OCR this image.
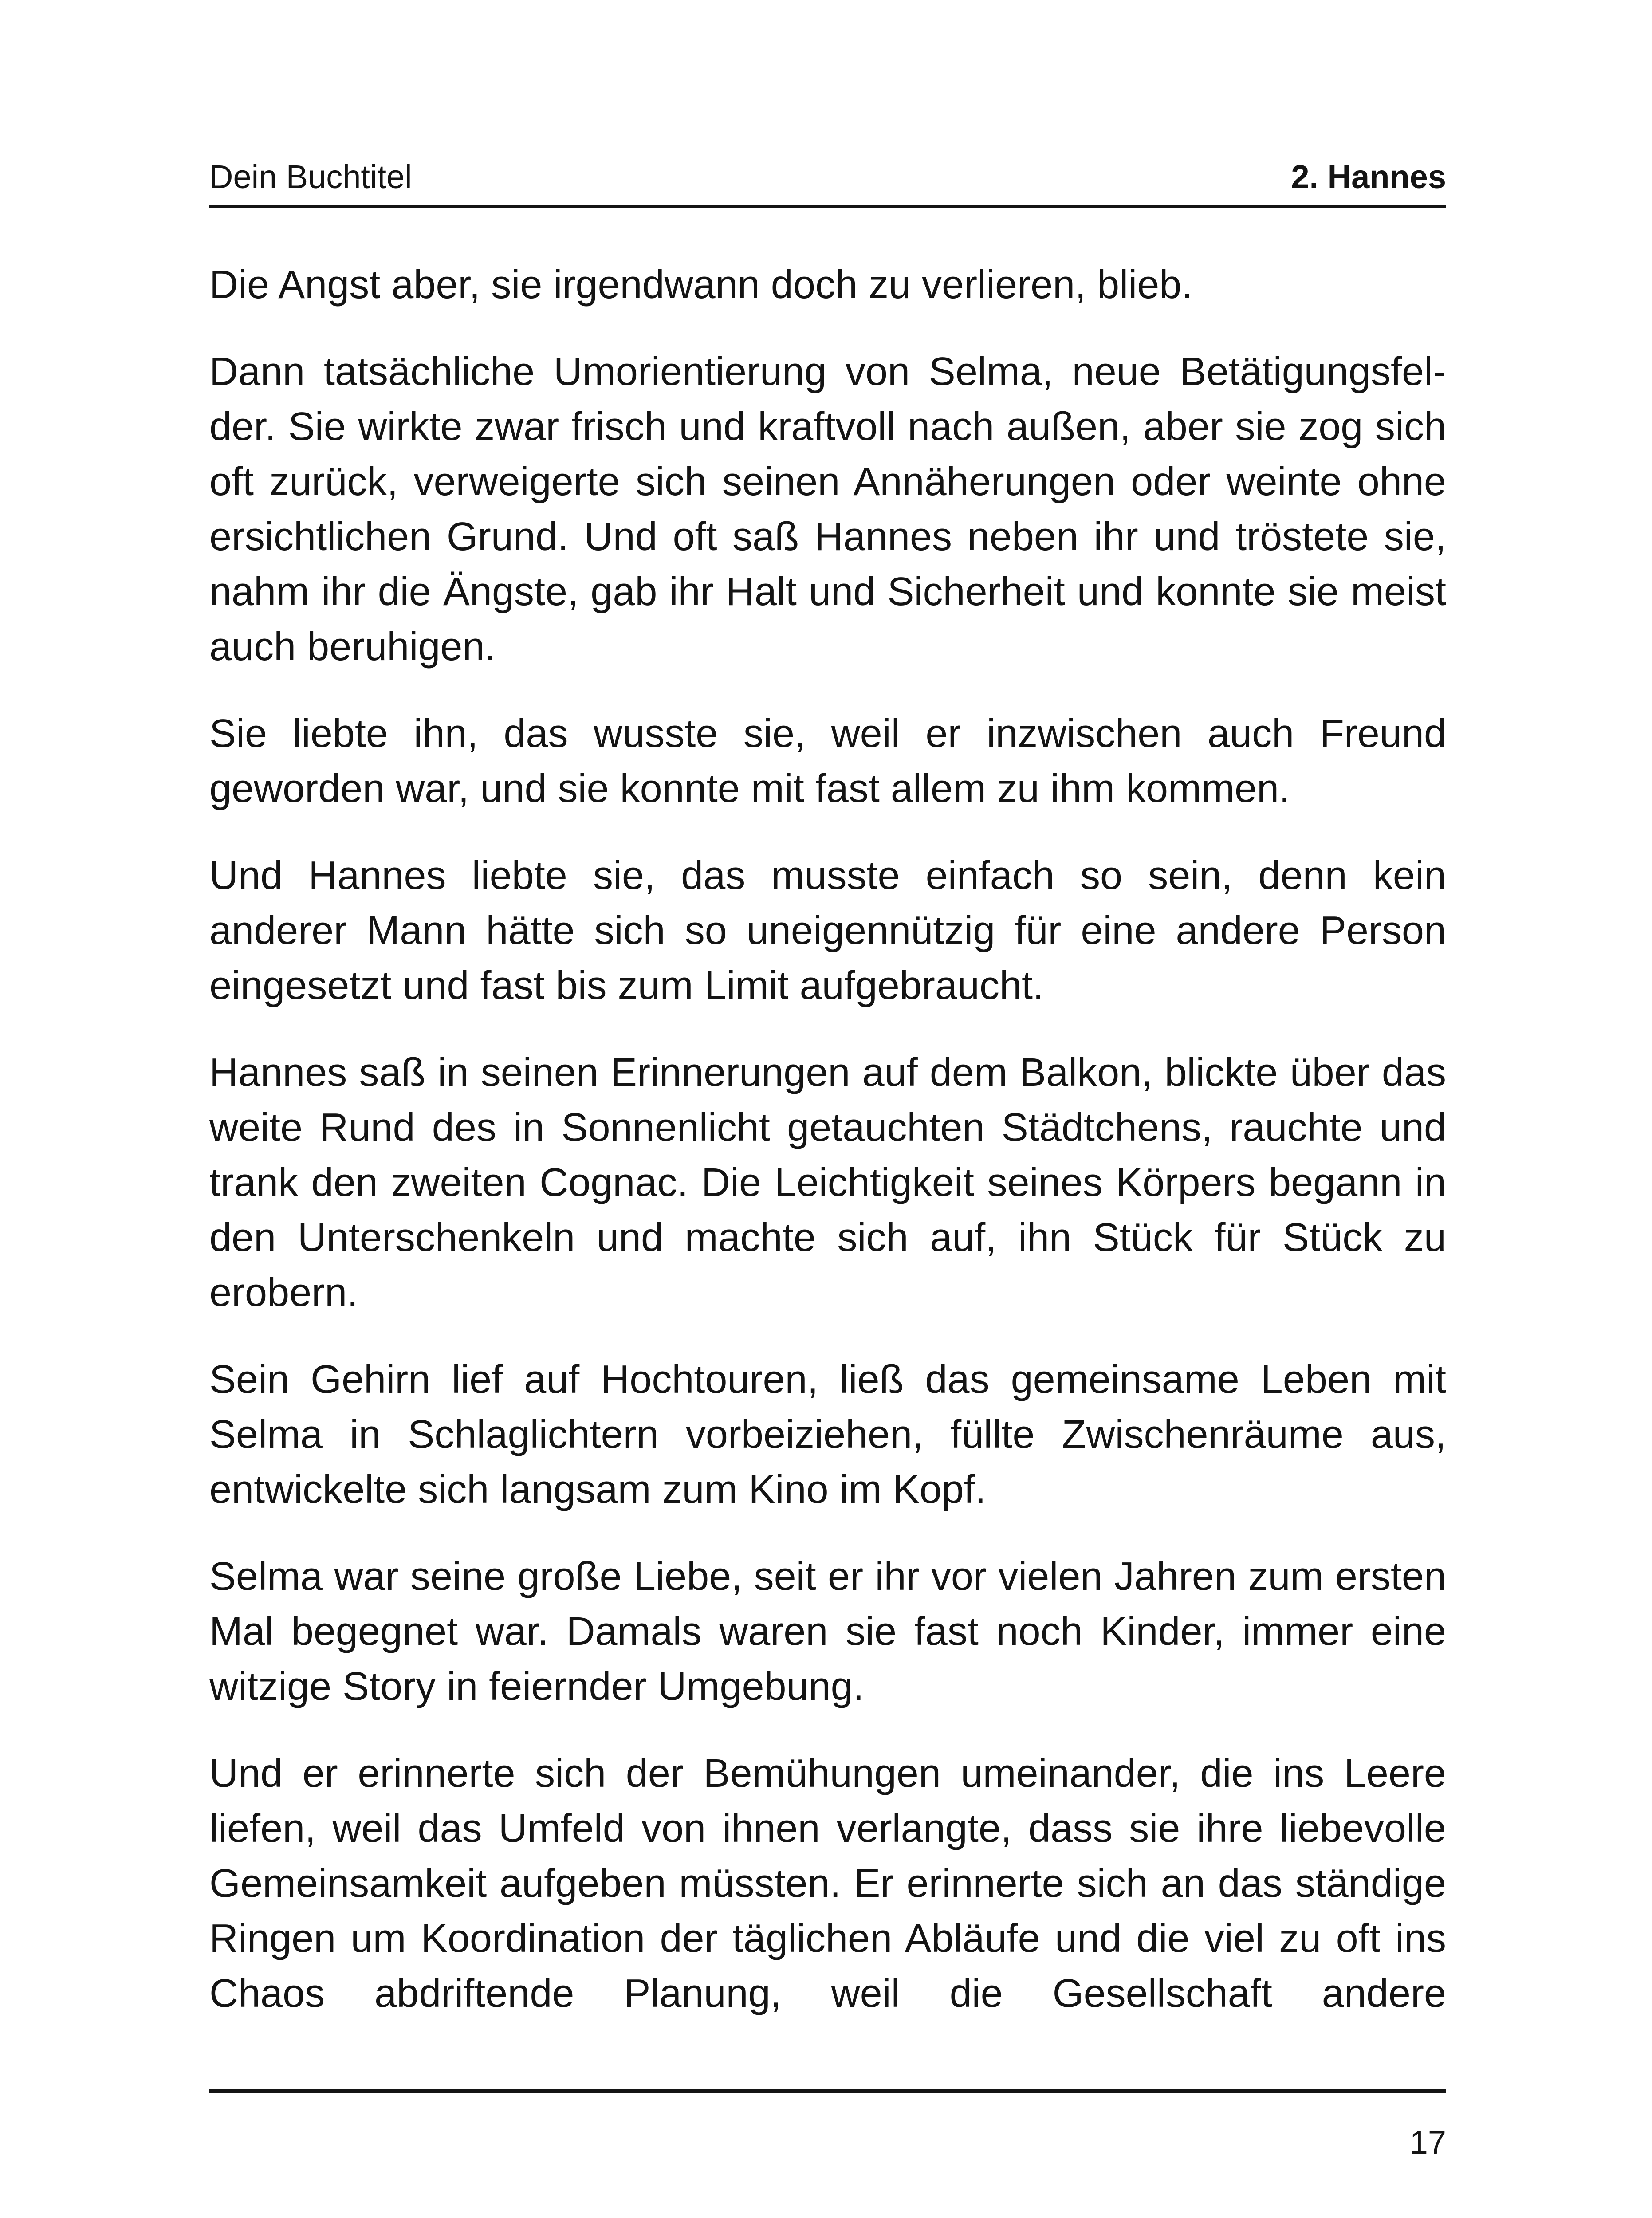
Dein Buchtitel	2. Hannes

Die Angst aber, sie irgendwann doch zu verlieren, blieb.

Dann tatsächliche Umorientierung von Selma, neue Betätigungsfelder. Sie wirkte zwar frisch und kraftvoll nach außen, aber sie zog sich oft zurück, verweigerte sich seinen Annäherungen oder weinte ohne ersichtlichen Grund. Und oft saß Hannes neben ihr und tröstete sie, nahm ihr die Ängste, gab ihr Halt und Sicherheit und konnte sie meist auch beruhigen.

Sie liebte ihn, das wusste sie, weil er inzwischen auch Freund geworden war, und sie konnte mit fast allem zu ihm kommen.

Und Hannes liebte sie, das musste einfach so sein, denn kein anderer Mann hätte sich so uneigennützig für eine andere Person eingesetzt und fast bis zum Limit aufgebraucht.

Hannes saß in seinen Erinnerungen auf dem Balkon, blickte über das weite Rund des in Sonnenlicht getauchten Städtchens, rauchte und trank den zweiten Cognac. Die Leichtigkeit seines Körpers begann in den Unterschenkeln und machte sich auf, ihn Stück für Stück zu erobern.

Sein Gehirn lief auf Hochtouren, ließ das gemeinsame Leben mit Selma in Schlaglichtern vorbeiziehen, füllte Zwischenräume aus, entwickelte sich langsam zum Kino im Kopf.

Selma war seine große Liebe, seit er ihr vor vielen Jahren zum ersten Mal begegnet war. Damals waren sie fast noch Kinder, immer eine witzige Story in feiernder Umgebung.

Und er erinnerte sich der Bemühungen umeinander, die ins Leere liefen, weil das Umfeld von ihnen verlangte, dass sie ihre liebevolle Gemeinsamkeit aufgeben müssten. Er erinnerte sich an das ständige Ringen um Koordination der täglichen Abläufe und die viel zu oft ins Chaos abdriftende Planung, weil die Gesellschaft andere

17
